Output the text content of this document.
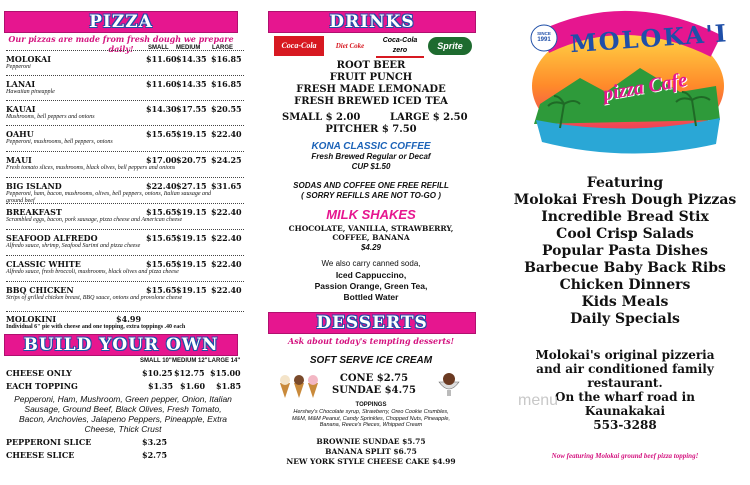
PIZZA
Our pizzas are made from fresh dough we prepare daily!	SMALL MEDIUM LARGE
MOLOKAI	$11.60 $14.35 $16.85
Pepperoni
LANAI	$11.60 $14.35 $16.85
Hawaiian pineapple
KAUAI	$14.30 $17.55 $20.55
Mushrooms, bell peppers and onions
OAHU	$15.65 $19.15 $22.40
Pepperoni, mushrooms, bell peppers, onions
MAUI	$17.00 $20.75 $24.25
Fresh tomato slices, mushrooms, black olives, bell peppers and onions
BIG ISLAND	$22.40 $27.15 $31.65
Pepperoni, ham, bacon, mushrooms, olives, bell peppers, onions, Italian sausage and ground beef
BREAKFAST	$15.65 $19.15 $22.40
Scrambled eggs, bacon, pork sausage, pizza cheese and American cheese
SEAFOOD ALFREDO	$15.65 $19.15 $22.40
Alfredo sauce, shrimp, Seafood Surimi and pizza cheese
CLASSIC WHITE	$15.65 $19.15 $22.40
Alfredo sauce, fresh broccoli, mushrooms, black olives and pizza cheese
BBQ CHICKEN	$15.65 $19.15 $22.40
Strips of grilled chicken breast, BBQ sauce, onions and provolone cheese
MOLOKINI	$4.99
Individual 6" pie with cheese and one topping, extra toppings .40 each
BUILD YOUR OWN
SMALL 10" MEDIUM 12" LARGE 14"
CHEESE ONLY	$10.25 $12.75 $15.00
EACH TOPPING	$1.35 $1.60 $1.85
Pepperoni, Ham, Mushroom, Green pepper, Onion, Italian Sausage, Ground Beef, Black Olives, Fresh Tomato, Bacon, Anchovies, Jalapeno Peppers, Pineapple, Extra Cheese, Thick Crust
PEPPERONI SLICE	$3.25
CHEESE SLICE	$2.75
DRINKS
Coca-Cola	Diet Coke
Coca-Cola zero	Sprite
ROOT BEER
FRUIT PUNCH
FRESH MADE LEMONADE
FRESH BREWED ICED TEA
SMALL $ 2.00	LARGE $ 2.50
PITCHER $ 7.50
KONA CLASSIC COFFEE
Fresh Brewed Regular or Decaf
CUP $1.50
SODAS AND COFFEE ONE FREE REFILL
( SORRY REFILLS ARE NOT TO-GO )
MILK SHAKES
CHOCOLATE, VANILLA, STRAWBERRY,
COFFEE, BANANA
$4.29
We also carry canned soda,
Iced Cappuccino,
Passion Orange, Green Tea,
Bottled Water
DESSERTS
Ask about today's tempting desserts!
SOFT SERVE ICE CREAM
CONE $2.75
SUNDAE $4.75
TOPPINGS
Hershey's Chocolate syrup, Strawberry, Oreo Cookie Crumbles, M&M, M&M Peanut, Candy Sprinkles, Chopped Nuts, Pineapple, Banana, Reece's Pieces, Whipped Cream
BROWNIE SUNDAE $5.75
BANANA SPLIT $6.75
NEW YORK STYLE CHEESE CAKE $4.99
SINCE
1991 MOLOKA'I
pizza Cafe
Featuring
Molokai Fresh Dough Pizzas
Incredible Bread Stix
Cool Crisp Salads
Popular Pasta Dishes
Barbecue Baby Back Ribs
Chicken Dinners
Kids Meals
Daily Specials
Molokai's original pizzeria
and air conditioned family
restaurant.
On the wharf road in
Kaunakakai
553-3288
menu
Now featuring Molokai ground beef pizza topping!
